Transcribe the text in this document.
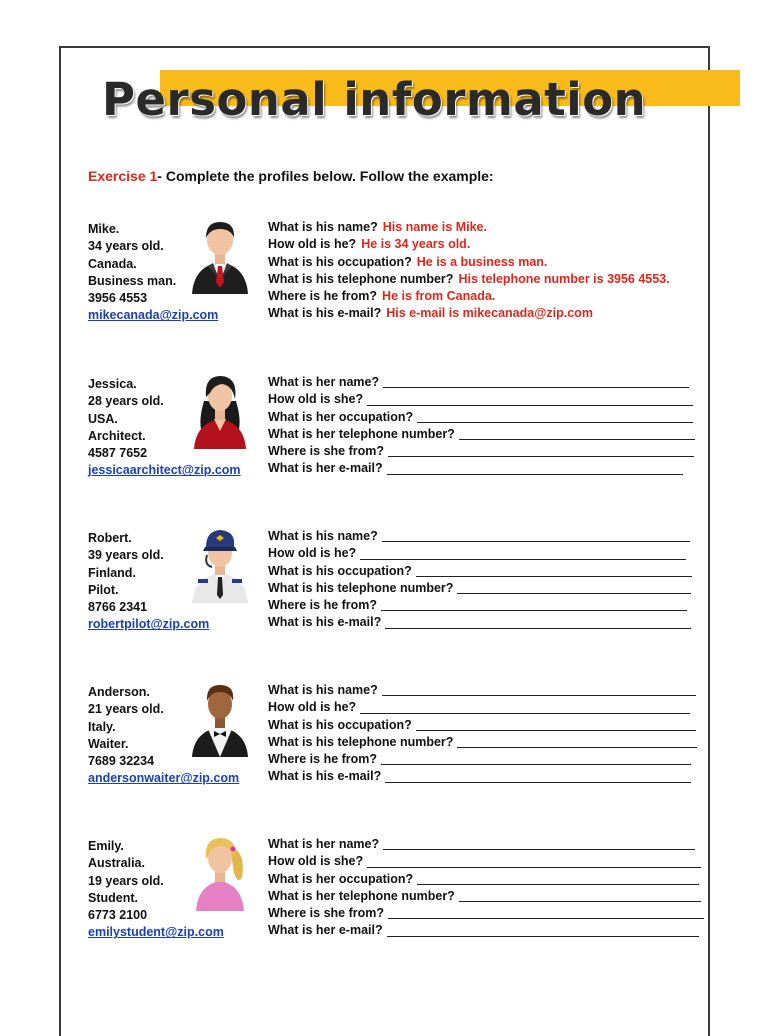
Personal information
Exercise 1- Complete the profiles below. Follow the example:
Mike.
34 years old.
Canada.
Business man.
3956 4553
mikecanada@zip.com
What is his name? His name is Mike.
How old is he? He is 34 years old.
What is his occupation? He is a business man.
What is his telephone number? His telephone number is 3956 4553.
Where is he from? He is from Canada.
What is his e-mail? His e-mail is mikecanada@zip.com
Jessica.
28 years old.
USA.
Architect.
4587 7652
jessicaarchitect@zip.com
What is her name?
How old is she?
What is her occupation?
What is her telephone number?
Where is she from?
What is her e-mail?
Robert.
39 years old.
Finland.
Pilot.
8766 2341
robertpilot@zip.com
What is his name?
How old is he?
What is his occupation?
What is his telephone number?
Where is he from?
What is his e-mail?
Anderson.
21 years old.
Italy.
Waiter.
7689 32234
andersonwaiter@zip.com
What is his name?
How old is he?
What is his occupation?
What is his telephone number?
Where is he from?
What is his e-mail?
Emily.
Australia.
19 years old.
Student.
6773 2100
emilystudent@zip.com
What is her name?
How old is she?
What is her occupation?
What is her telephone number?
Where is she from?
What is her e-mail?
